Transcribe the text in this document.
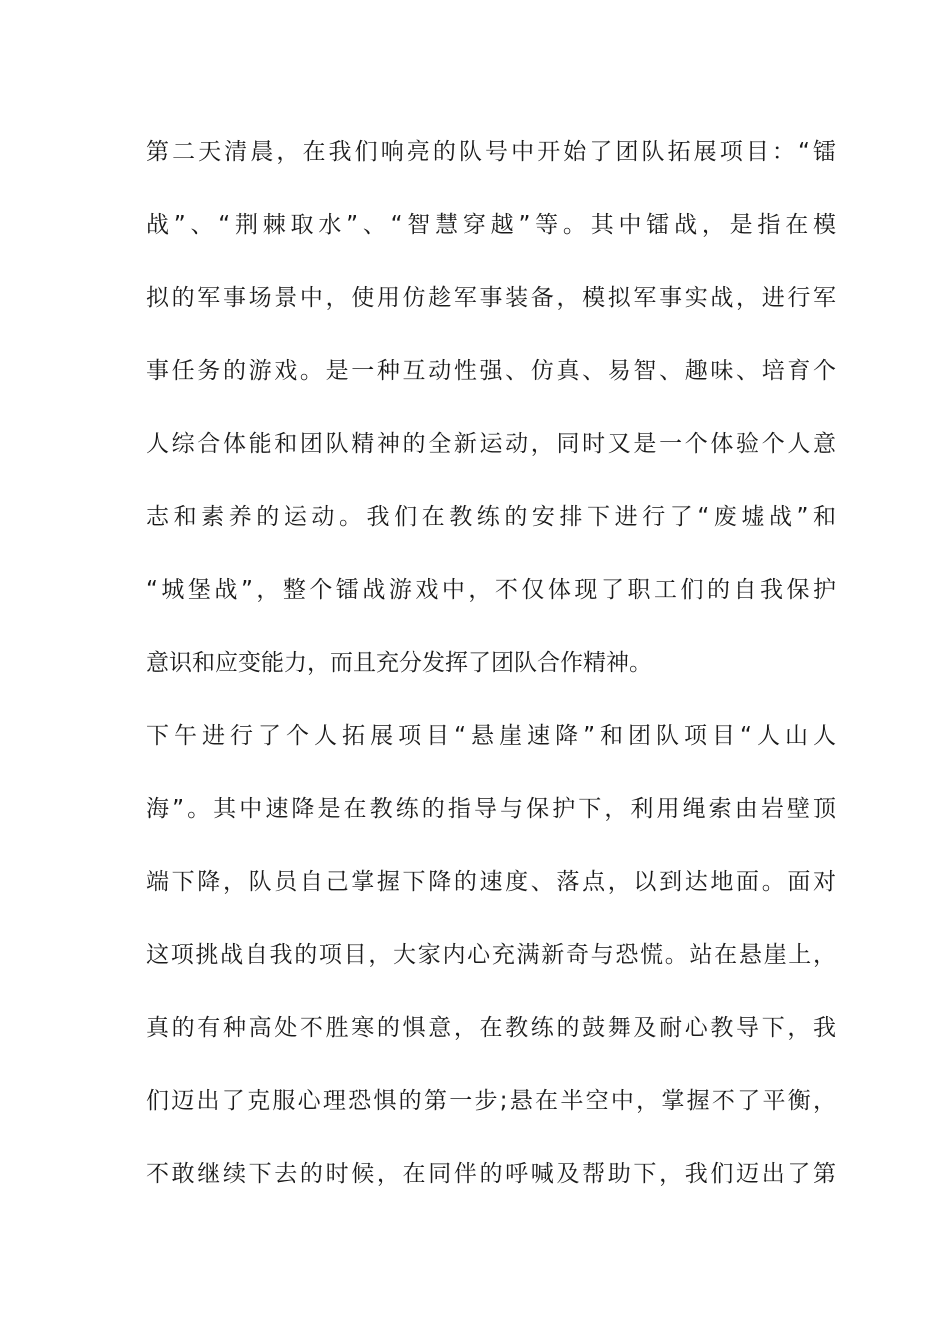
第二天清晨，在我们响亮的队号中开始了团队拓展项目：“镭
战”、“荆棘取水”、“智慧穿越”等。其中镭战，是指在模
拟的军事场景中，使用仿趁军事装备，模拟军事实战，进行军
事任务的游戏。是一种互动性强、仿真、易智、趣味、培育个
人综合体能和团队精神的全新运动，同时又是一个体验个人意
志和素养的运动。我们在教练的安排下进行了“废墟战”和
“城堡战”，整个镭战游戏中，不仅体现了职工们的自我保护
意识和应变能力，而且充分发挥了团队合作精神。
下午进行了个人拓展项目“悬崖速降”和团队项目“人山人
海”。其中速降是在教练的指导与保护下，利用绳索由岩壁顶
端下降，队员自己掌握下降的速度、落点，以到达地面。面对
这项挑战自我的项目，大家内心充满新奇与恐慌。站在悬崖上，
真的有种高处不胜寒的惧意，在教练的鼓舞及耐心教导下，我
们迈出了克服心理恐惧的第一步;悬在半空中，掌握不了平衡，
不敢继续下去的时候，在同伴的呼喊及帮助下，我们迈出了第
